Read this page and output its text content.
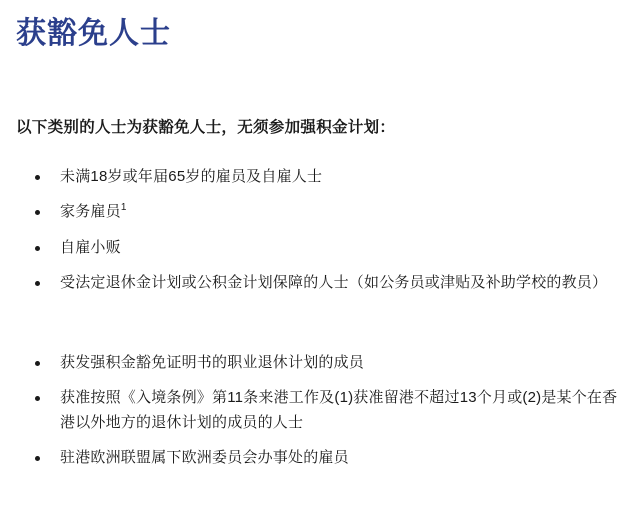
获豁免人士

以下类别的人士为获豁免人士，无须参加强积金计划：

未满18岁或年届65岁的雇员及自雇人士
家务雇员$^1$
自雇小贩
受法定退休金计划或公积金计划保障的人士（如公务员或津贴及补助学校的教员）
获发强积金豁免证明书的职业退休计划的成员
获准按照《入境条例》第11条来港工作及(1)获准留港不超过13个月或(2)是某个在香港以外地方的退休计划的成员的人士
驻港欧洲联盟属下欧洲委员会办事处的雇员
